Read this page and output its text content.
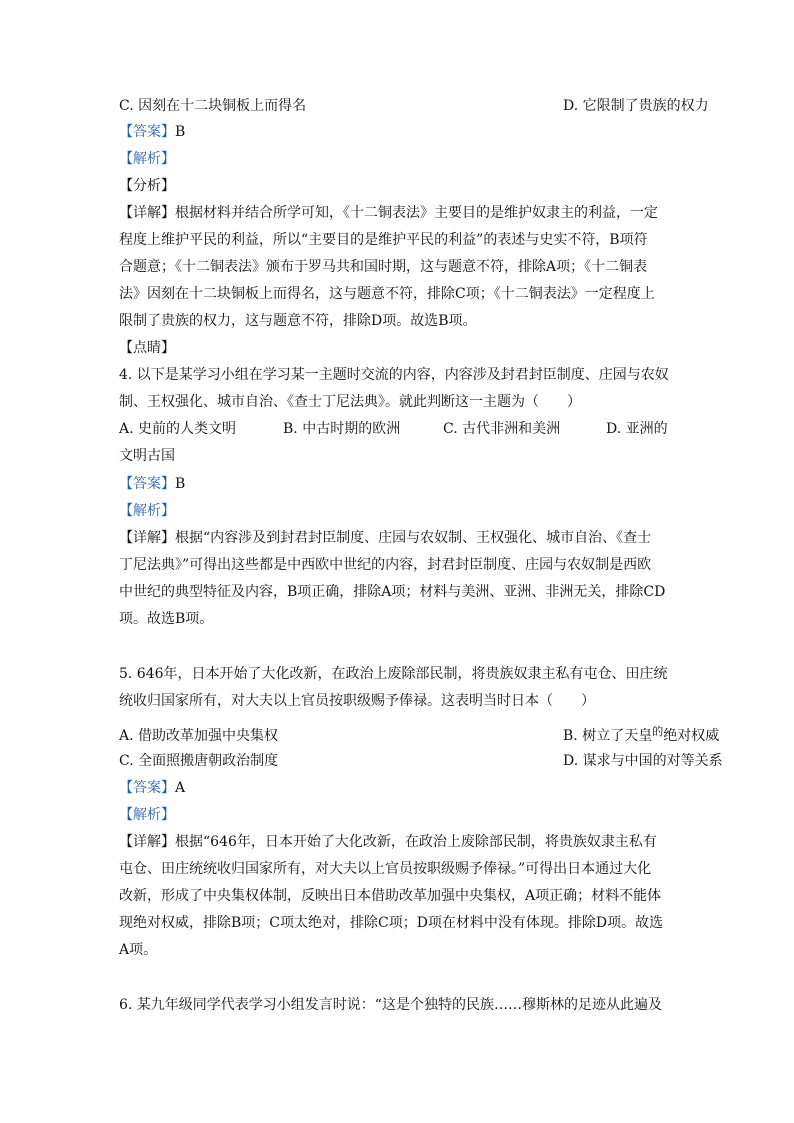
C. 因刻在十二块铜板上而得名	D. 它限制了贵族的权力
【答案】B
【解析】
【分析】
【详解】根据材料并结合所学可知，《十二铜表法》主要目的是维护奴隶主的利益，一定
程度上维护平民的利益，所以“主要目的是维护平民的利益”的表述与史实不符，B项符
合题意；《十二铜表法》颁布于罗马共和国时期，这与题意不符，排除A项；《十二铜表
法》因刻在十二块铜板上而得名，这与题意不符，排除C项；《十二铜表法》一定程度上
限制了贵族的权力，这与题意不符，排除D项。故选B项。
【点睛】
4. 以下是某学习小组在学习某一主题时交流的内容，内容涉及封君封臣制度、庄园与农奴
制、王权强化、城市自治、《查士丁尼法典》。就此判断这一主题为（　　）
A. 史前的人类文明	B. 中古时期的欧洲	C. 古代非洲和美洲	D. 亚洲的
文明古国
【答案】B
【解析】
【详解】根据“内容涉及到封君封臣制度、庄园与农奴制、王权强化、城市自治、《查士
丁尼法典》”可得出这些都是中西欧中世纪的内容，封君封臣制度、庄园与农奴制是西欧
中世纪的典型特征及内容，B项正确，排除A项；材料与美洲、亚洲、非洲无关，排除CD
项。故选B项。
5. 646年，日本开始了大化改新，在政治上废除部民制，将贵族奴隶主私有屯仓、田庄统
统收归国家所有，对大夫以上官员按职级赐予俸禄。这表明当时日本（　　）
A. 借助改革加强中央集权	B. 树立了天皇$^的$绝对权威
C. 全面照搬唐朝政治制度	D. 谋求与中国的对等关系
【答案】A
【解析】
【详解】根据“646年，日本开始了大化改新，在政治上废除部民制，将贵族奴隶主私有
屯仓、田庄统统收归国家所有，对大夫以上官员按职级赐予俸禄。”可得出日本通过大化
改新，形成了中央集权体制，反映出日本借助改革加强中央集权，A项正确；材料不能体
现绝对权威，排除B项；C项太绝对，排除C项；D项在材料中没有体现。排除D项。故选
A项。
6. 某九年级同学代表学习小组发言时说：“这是个独特的民族……穆斯林的足迹从此遍及
